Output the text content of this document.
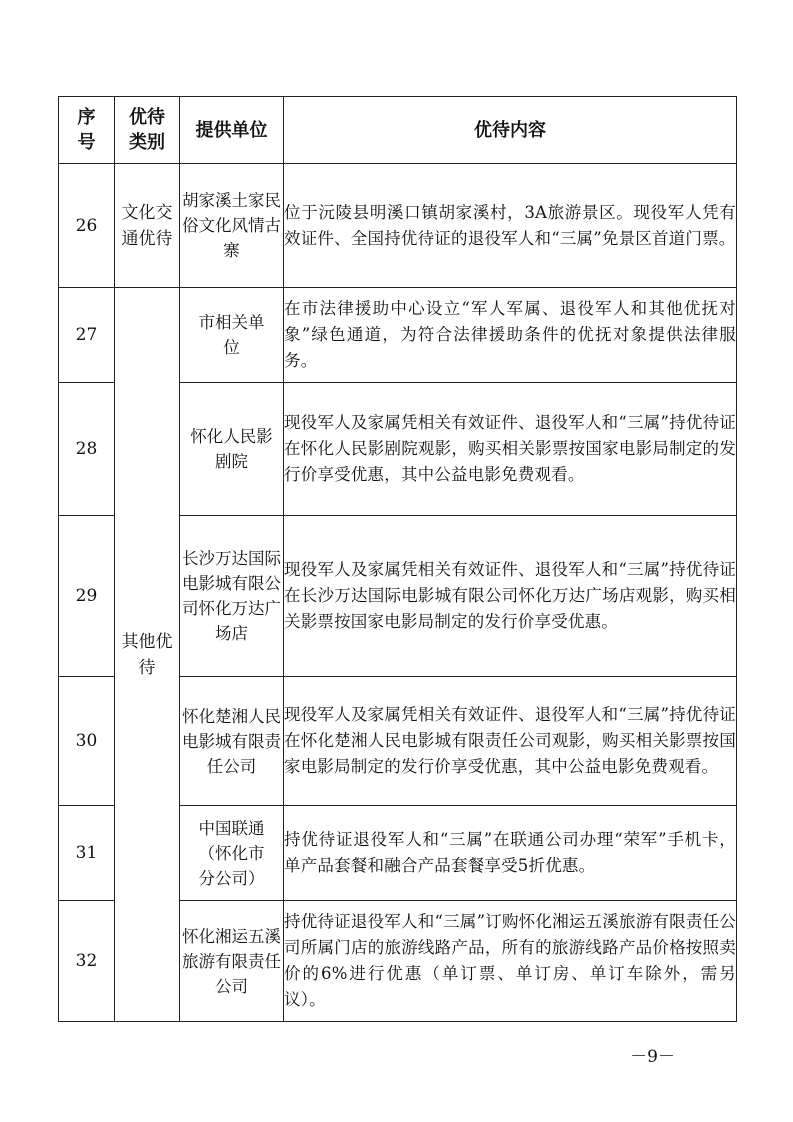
序号	优待类别	提供单位	优待内容
26	文化交通优待	胡家溪土家民俗文化风情古　寨	位于沅陵县明溪口镇胡家溪村，3A旅游景区。现役军人凭有效证件、全国持优待证的退役军人和“三属”免景区首道门票。
27	其他优待	市相关单位	在市法律援助中心设立“军人军属、退役军人和其他优抚对象”绿色通道，为符合法律援助条件的优抚对象提供法律服务。
28		怀化人民影剧院	现役军人及家属凭相关有效证件、退役军人和“三属”持优待证在怀化人民影剧院观影，购买相关影票按国家电影局制定的发行价享受优惠，其中公益电影免费观看。
29		长沙万达国际电影城有限公司怀化万达广场店	现役军人及家属凭相关有效证件、退役军人和“三属”持优待证在长沙万达国际电影城有限公司怀化万达广场店观影，购买相关影票按国家电影局制定的发行价享受优惠。
30		怀化楚湘人民电影城有限责任公司	现役军人及家属凭相关有效证件、退役军人和“三属”持优待证在怀化楚湘人民电影城有限责任公司观影，购买相关影票按国家电影局制定的发行价享受优惠，其中公益电影免费观看。
31		中国联通（怀化市分公司）	持优待证退役军人和“三属”在联通公司办理“荣军”手机卡，单产品套餐和融合产品套餐享受5折优惠。
32		怀化湘运五溪旅游有限责任公司	持优待证退役军人和“三属”订购怀化湘运五溪旅游有限责任公司所属门店的旅游线路产品，所有的旅游线路产品价格按照卖价的6%进行优惠（单订票、单订房、单订车除外，需另议）。
－9－
